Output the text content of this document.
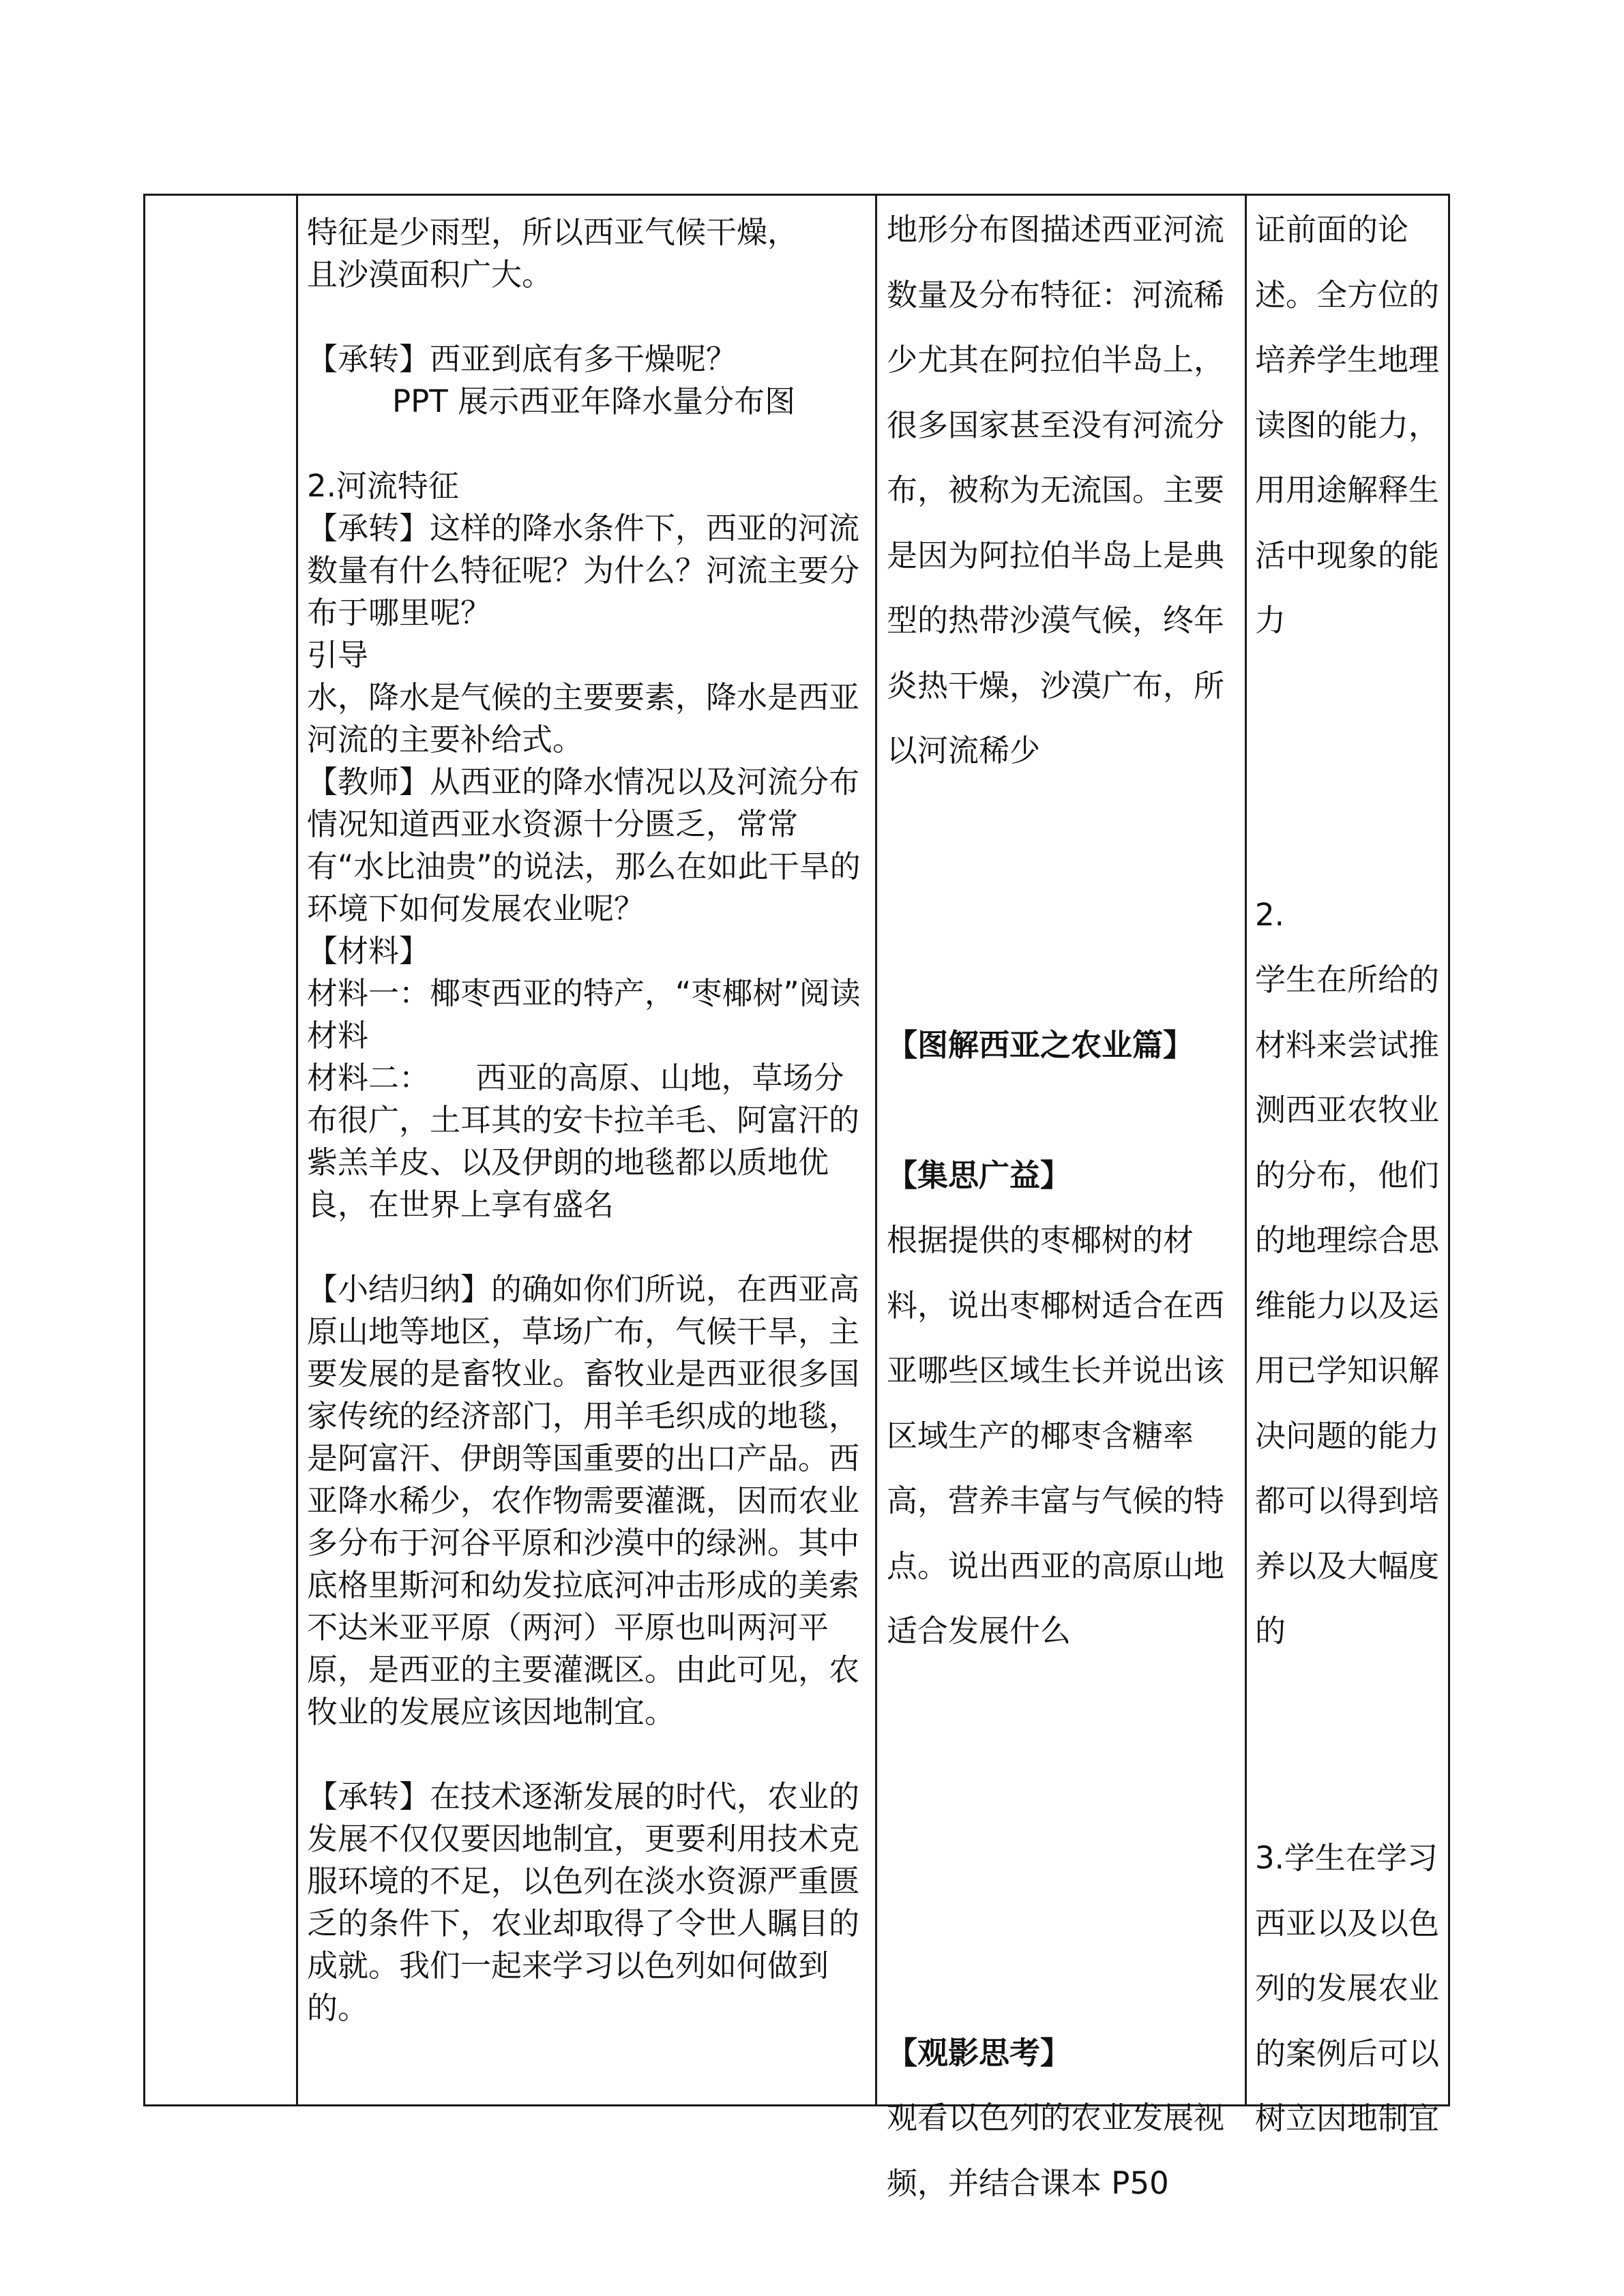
特征是少雨型，所以西亚气候干燥，

且沙漠面积广大。

【承转】西亚到底有多干燥呢？

PPT 展示西亚年降水量分布图

2.河流特征

【承转】这样的降水条件下，西亚的河流数量有什么特征呢？为什么？河流主要分布于哪里呢？

引导

水，降水是气候的主要要素，降水是西亚河流的主要补给式。

【教师】从西亚的降水情况以及河流分布情况知道西亚水资源十分匮乏，常常有“水比油贵”的说法，那么在如此干旱的环境下如何发展农业呢？

【材料】

材料一：椰枣西亚的特产，“枣椰树”阅读材料

材料二：　　西亚的高原、山地，草场分布很广，土耳其的安卡拉羊毛、阿富汗的紫羔羊皮、以及伊朗的地毯都以质地优良，在世界上享有盛名

【小结归纳】的确如你们所说，在西亚高原山地等地区，草场广布，气候干旱，主要发展的是畜牧业。畜牧业是西亚很多国家传统的经济部门，用羊毛织成的地毯，是阿富汗、伊朗等国重要的出口产品。西亚降水稀少，农作物需要灌溉，因而农业多分布于河谷平原和沙漠中的绿洲。其中底格里斯河和幼发拉底河冲击形成的美索不达米亚平原（两河）平原也叫两河平原，是西亚的主要灌溉区。由此可见，农牧业的发展应该因地制宜。

【承转】在技术逐渐发展的时代，农业的发展不仅仅要因地制宜，更要利用技术克服环境的不足，以色列在淡水资源严重匮乏的条件下，农业却取得了令世人瞩目的成就。我们一起来学习以色列如何做到的。

地形分布图描述西亚河流数量及分布特征：河流稀少尤其在阿拉伯半岛上，很多国家甚至没有河流分布，被称为无流国。主要是因为阿拉伯半岛上是典型的热带沙漠气候，终年炎热干燥，沙漠广布，所以河流稀少

【图解西亚之农业篇】

【集思广益】

根据提供的枣椰树的材料，说出枣椰树适合在西亚哪些区域生长并说出该区域生产的椰枣含糖率高，营养丰富与气候的特点。说出西亚的高原山地适合发展什么

【观影思考】

观看以色列的农业发展视频，并结合课本 P50

证前面的论述。全方位的培养学生地理读图的能力，用用途解释生活中现象的能力

2.

学生在所给的材料来尝试推测西亚农牧业的分布，他们的地理综合思维能力以及运用已学知识解决问题的能力都可以得到培养以及大幅度的

3.学生在学习西亚以及以色列的发展农业的案例后可以树立因地制宜
